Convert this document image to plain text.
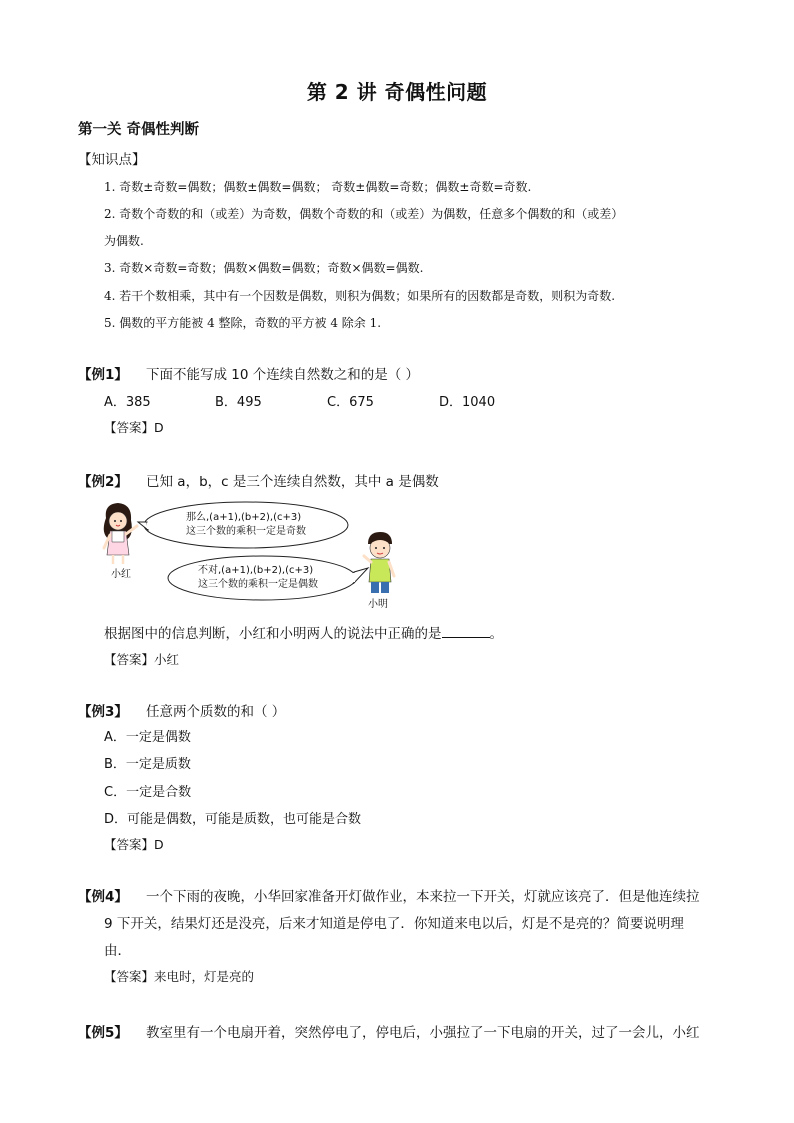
第 2 讲 奇偶性问题
第一关 奇偶性判断
【知识点】
1. 奇数±奇数=偶数；偶数±偶数=偶数； 奇数±偶数=奇数；偶数±奇数=奇数.
2. 奇数个奇数的和（或差）为奇数，偶数个奇数的和（或差）为偶数，任意多个偶数的和（或差）
为偶数.
3. 奇数×奇数=奇数；偶数×偶数=偶数；奇数×偶数=偶数.
4. 若干个数相乘，其中有一个因数是偶数，则积为偶数；如果所有的因数都是奇数，则积为奇数.
5. 偶数的平方能被 4 整除，奇数的平方被 4 除余 1.
【例1】 下面不能写成 10 个连续自然数之和的是（ ）
A．385	B．495	C．675	D．1040
【答案】D
【例2】 已知 a，b，c 是三个连续自然数，其中 a 是偶数
那么,(a+1),(b+2),(c+3)
这三个数的乘积一定是奇数
不对,(a+1),(b+2),(c+3)
这三个数的乘积一定是偶数
小红
小明
根据图中的信息判断，小红和小明两人的说法中正确的是	。
【答案】小红
【例3】 任意两个质数的和（ ）
A．一定是偶数
B．一定是质数
C．一定是合数
D．可能是偶数，可能是质数，也可能是合数
【答案】D
【例4】 一个下雨的夜晚，小华回家准备开灯做作业，本来拉一下开关，灯就应该亮了．但是他连续拉
9 下开关，结果灯还是没亮，后来才知道是停电了．你知道来电以后，灯是不是亮的？简要说明理
由．
【答案】来电时，灯是亮的
【例5】 教室里有一个电扇开着，突然停电了，停电后，小强拉了一下电扇的开关，过了一会儿，小红
